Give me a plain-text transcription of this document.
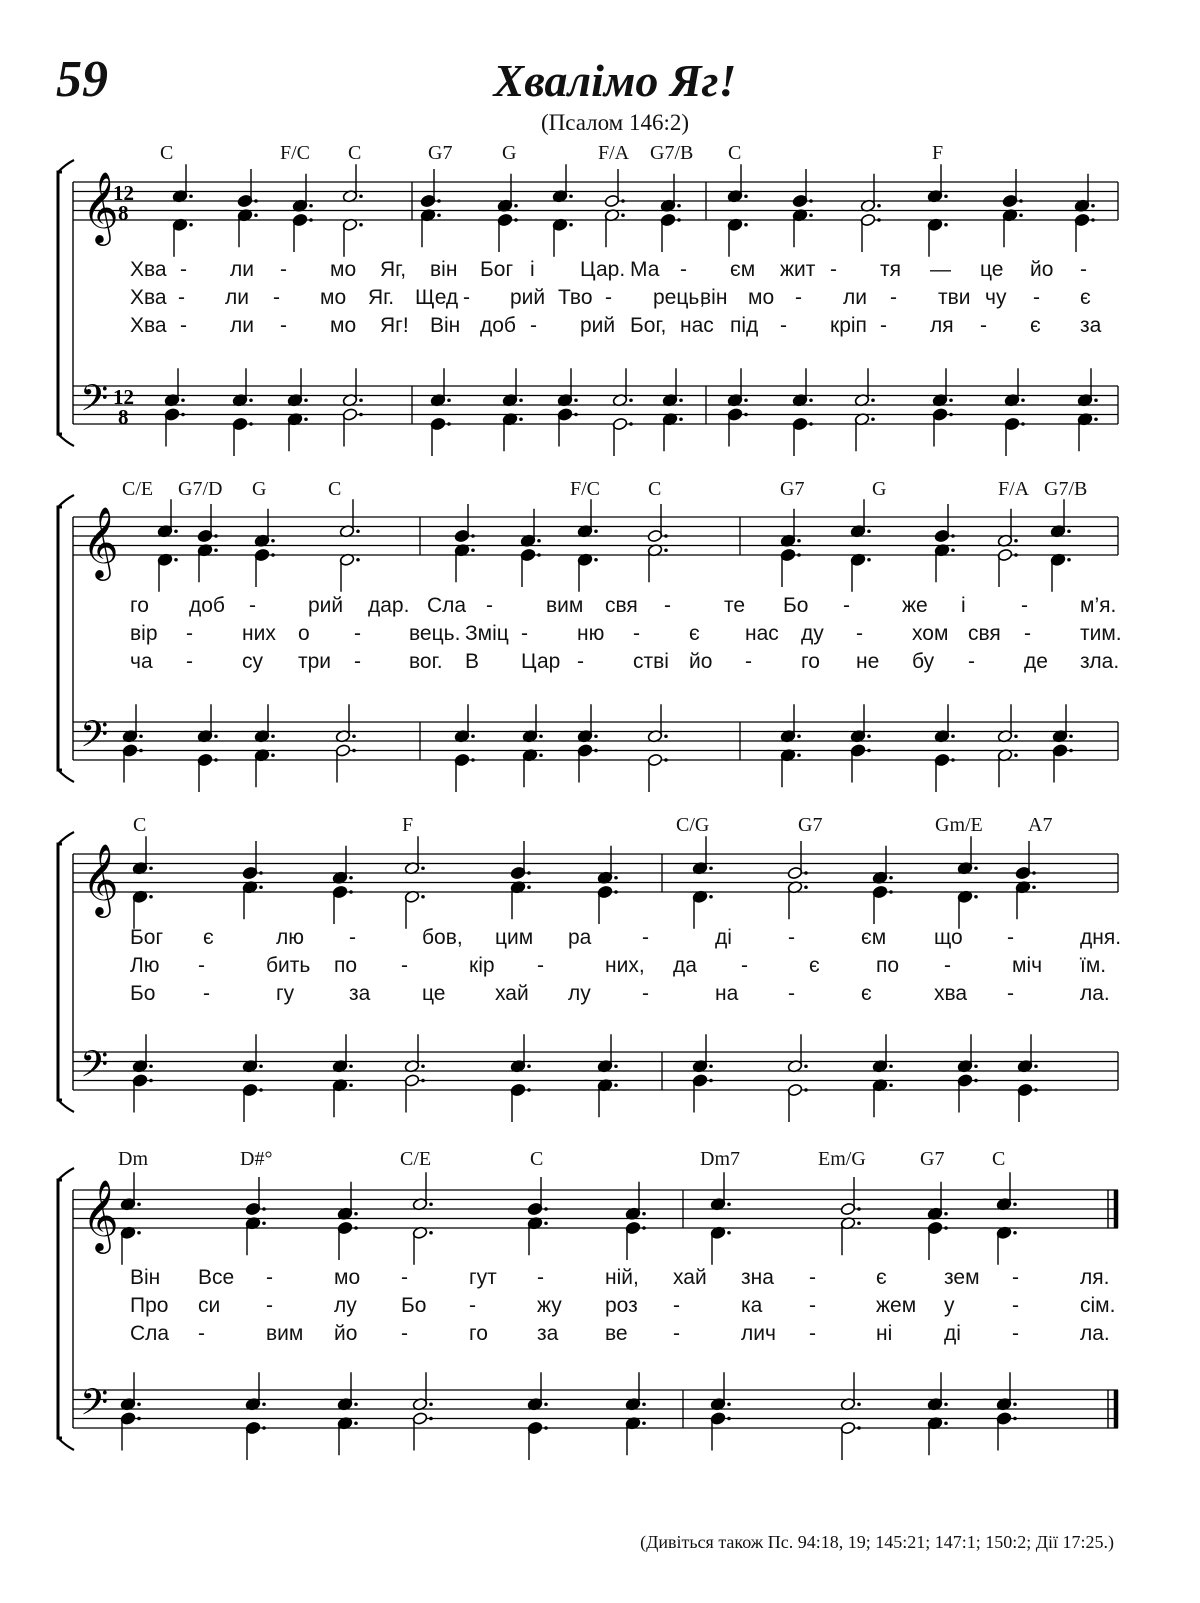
59	Хвалімо Яг!
(Псалом 146:2)
𝄞
𝄢
12
8
12
8
𝄞
𝄢
𝄞
𝄢
𝄞
𝄢
C	F/C C	G7 G	F/A G7/B C	F
Хва - ли - мо Яг, він Бог і Цар. Ма - єм жит - тя — це йо -
Хва - ли - мо Яг. Щед - рий Тво - рець,
він мо - ли - тви чу - є
Хва - ли - мо Яг! Він доб - рий Бог, нас під - кріп - ля - є за
C/E G7/D G	C	F/C C	G7	G	F/A G7/B
го доб - рий дар. Сла -	вим свя -	те Бо - же і	- м’я.
вір - них о - вець. Зміц - ню - є нас ду - хом свя - тим.
ча - су три - вог. В Цар - стві йо - го не бу - де зла.
C	F	C/G	G7	Gm/E A7
Бог є	лю -	бов, цим ра -	ді	-	єм що -	дня.
Лю -	бить по -	кір -	них, да -	є	по -	міч їм.
Бо -	гу	за це хай лу -	на -	є	хва -	ла.
Dm	D#°	C/E	C	Dm7	Em/G	G7 C
Він Все -	мо -	гут -	ній, хай зна -	є	зем -	ля.
Про си -	лу Бо -	жу роз -	ка -	жем у	-	сім.
Сла -	вим йо -	го за ве -	лич -	ні ді -	ла.
(Дивіться також Пс. 94:18, 19; 145:21; 147:1; 150:2; Дії 17:25.)
